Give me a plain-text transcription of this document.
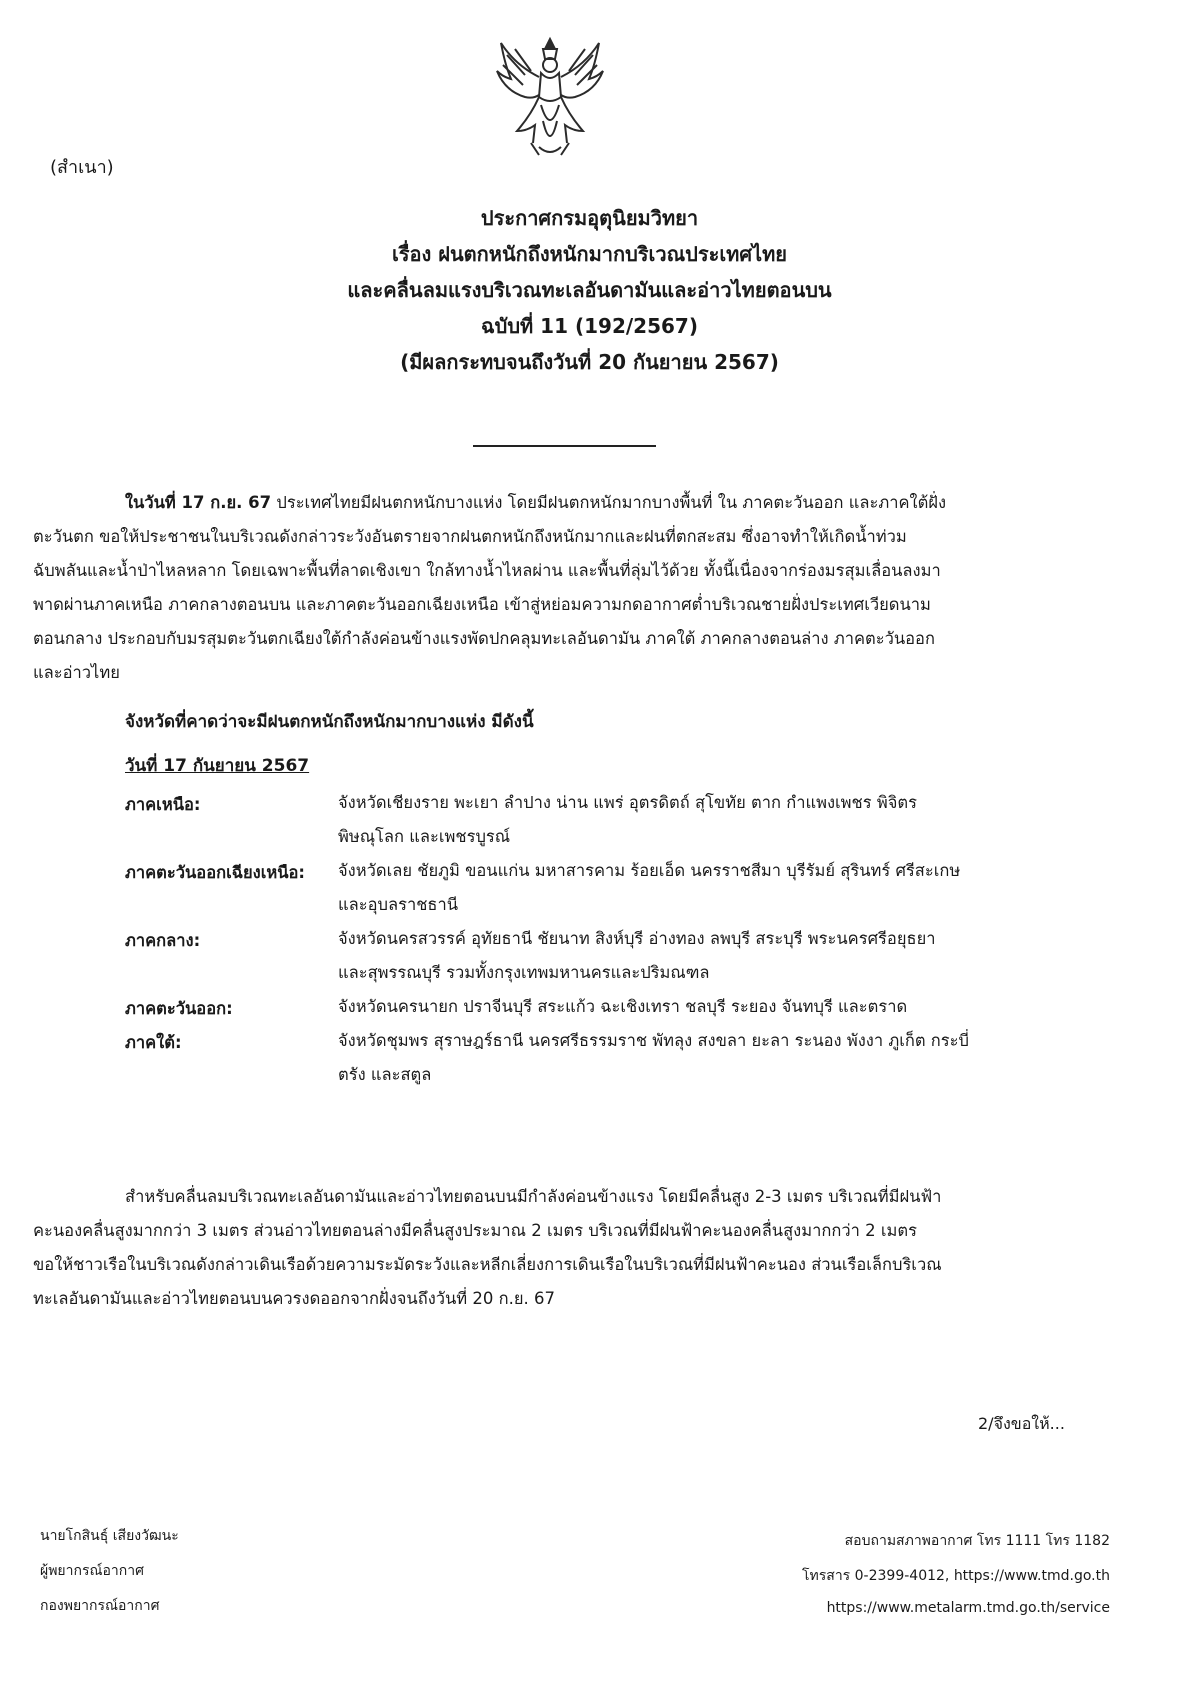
(สำเนา)
ประกาศกรมอุตุนิยมวิทยา
เรื่อง ฝนตกหนักถึงหนักมากบริเวณประเทศไทย
และคลื่นลมแรงบริเวณทะเลอันดามันและอ่าวไทยตอนบน
ฉบับที่ 11 (192/2567)
(มีผลกระทบจนถึงวันที่ 20 กันยายน 2567)
ในวันที่ 17 ก.ย. 67 ประเทศไทยมีฝนตกหนักบางแห่ง โดยมีฝนตกหนักมากบางพื้นที่ ใน ภาคตะวันออก และภาคใต้ฝั่ง
ตะวันตก ขอให้ประชาชนในบริเวณดังกล่าวระวังอันตรายจากฝนตกหนักถึงหนักมากและฝนที่ตกสะสม ซึ่งอาจทำให้เกิดน้ำท่วม
ฉับพลันและน้ำป่าไหลหลาก โดยเฉพาะพื้นที่ลาดเชิงเขา ใกล้ทางน้ำไหลผ่าน และพื้นที่ลุ่มไว้ด้วย ทั้งนี้เนื่องจากร่องมรสุมเลื่อนลงมา
พาดผ่านภาคเหนือ ภาคกลางตอนบน และภาคตะวันออกเฉียงเหนือ เข้าสู่หย่อมความกดอากาศต่ำบริเวณชายฝั่งประเทศเวียดนาม
ตอนกลาง ประกอบกับมรสุมตะวันตกเฉียงใต้กำลังค่อนข้างแรงพัดปกคลุมทะเลอันดามัน ภาคใต้ ภาคกลางตอนล่าง ภาคตะวันออก
และอ่าวไทย
จังหวัดที่คาดว่าจะมีฝนตกหนักถึงหนักมากบางแห่ง มีดังนี้
วันที่ 17 กันยายน 2567
ภาคเหนือ:	จังหวัดเชียงราย พะเยา ลำปาง น่าน แพร่ อุตรดิตถ์ สุโขทัย ตาก กำแพงเพชร พิจิตร
พิษณุโลก และเพชรบูรณ์
ภาคตะวันออกเฉียงเหนือ: จังหวัดเลย ชัยภูมิ ขอนแก่น มหาสารคาม ร้อยเอ็ด นครราชสีมา บุรีรัมย์ สุรินทร์ ศรีสะเกษ
และอุบลราชธานี
ภาคกลาง:	จังหวัดนครสวรรค์ อุทัยธานี ชัยนาท สิงห์บุรี อ่างทอง ลพบุรี สระบุรี พระนครศรีอยุธยา
และสุพรรณบุรี รวมทั้งกรุงเทพมหานครและปริมณฑล
ภาคตะวันออก:	จังหวัดนครนายก ปราจีนบุรี สระแก้ว ฉะเชิงเทรา ชลบุรี ระยอง จันทบุรี และตราด
ภาคใต้:	จังหวัดชุมพร สุราษฎร์ธานี นครศรีธรรมราช พัทลุง สงขลา ยะลา ระนอง พังงา ภูเก็ต กระบี่
ตรัง และสตูล
สำหรับคลื่นลมบริเวณทะเลอันดามันและอ่าวไทยตอนบนมีกำลังค่อนข้างแรง โดยมีคลื่นสูง 2-3 เมตร บริเวณที่มีฝนฟ้า
คะนองคลื่นสูงมากกว่า 3 เมตร ส่วนอ่าวไทยตอนล่างมีคลื่นสูงประมาณ 2 เมตร บริเวณที่มีฝนฟ้าคะนองคลื่นสูงมากกว่า 2 เมตร
ขอให้ชาวเรือในบริเวณดังกล่าวเดินเรือด้วยความระมัดระวังและหลีกเลี่ยงการเดินเรือในบริเวณที่มีฝนฟ้าคะนอง ส่วนเรือเล็กบริเวณ
ทะเลอันดามันและอ่าวไทยตอนบนควรงดออกจากฝั่งจนถึงวันที่ 20 ก.ย. 67
2/จึงขอให้...
นายโกสินธุ์ เสียงวัฒนะ
ผู้พยากรณ์อากาศ
กองพยากรณ์อากาศ
สอบถามสภาพอากาศ โทร 1111 โทร 1182
โทรสาร 0-2399-4012, https://www.tmd.go.th
https://www.metalarm.tmd.go.th/service
